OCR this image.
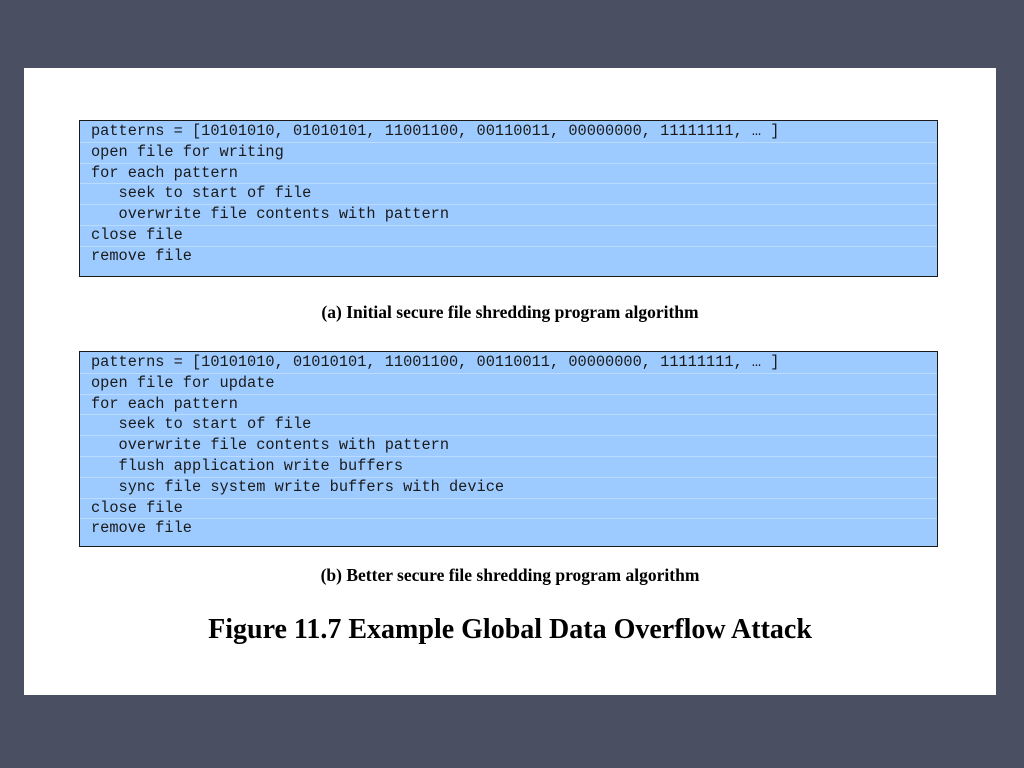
patterns = [10101010, 01010101, 11001100, 00110011, 00000000, 11111111, … ]
open file for writing
for each pattern
seek to start of file
overwrite file contents with pattern
close file
remove file
(a) Initial secure file shredding program algorithm
patterns = [10101010, 01010101, 11001100, 00110011, 00000000, 11111111, … ]
open file for update
for each pattern
seek to start of file
overwrite file contents with pattern
flush application write buffers
sync file system write buffers with device
close file
remove file
(b) Better secure file shredding program algorithm
Figure 11.7 Example Global Data Overflow Attack
